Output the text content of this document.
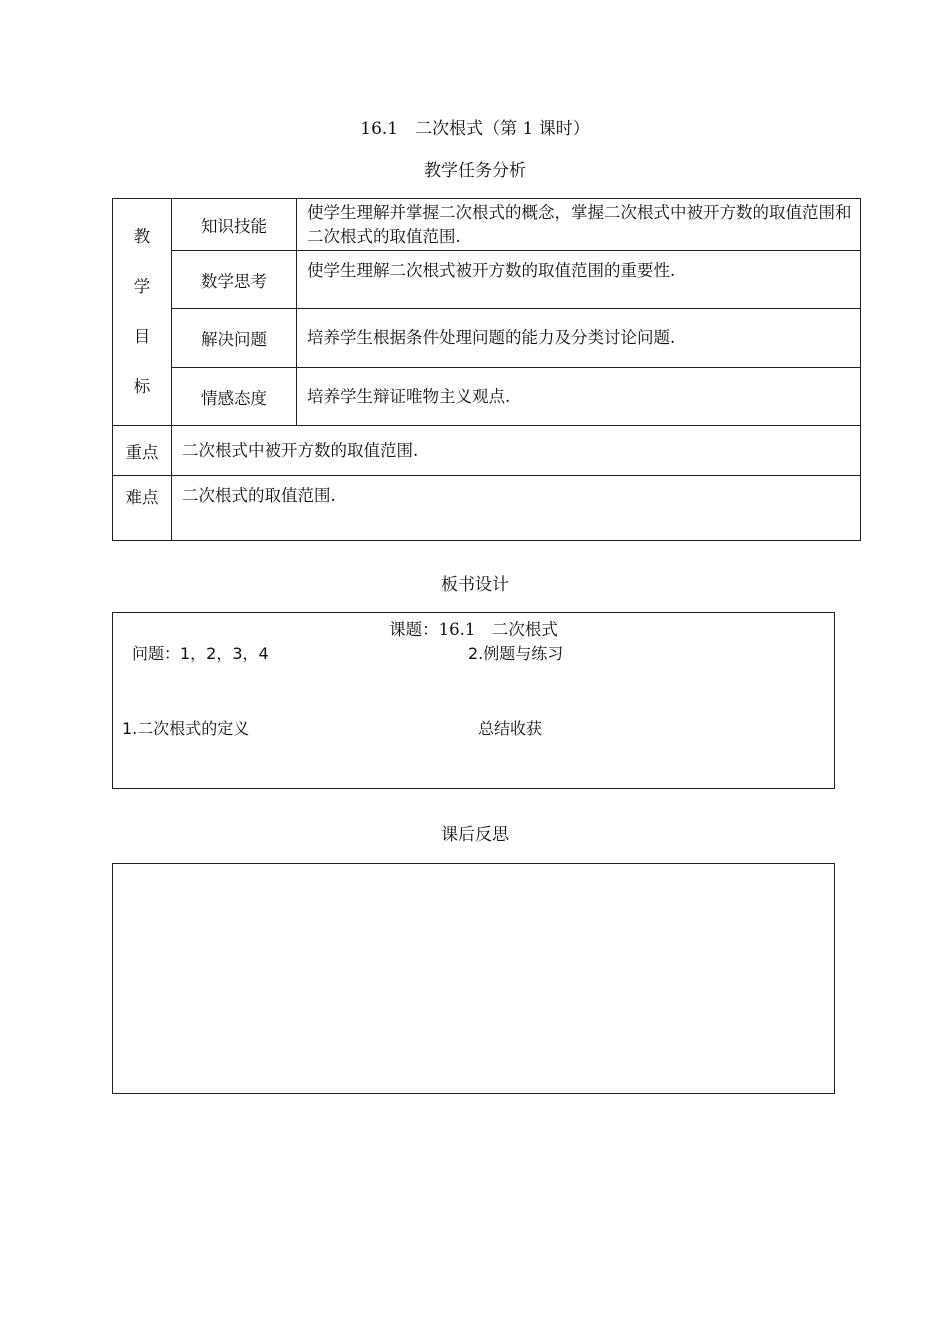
16.1　二次根式（第 1 课时）
教学任务分析
教
学
目
标	知识技能	使学生理解并掌握二次根式的概念，掌握二次根式中被开方数的取值范围和二次根式的取值范围.
	数学思考	使学生理解二次根式被开方数的取值范围的重要性.
	解决问题	培养学生根据条件处理问题的能力及分类讨论问题.
	情感态度	培养学生辩证唯物主义观点.
重点	二次根式中被开方数的取值范围.	
难点	二次根式的取值范围.	
板书设计
课题：16.1　二次根式
问题：1，2，3，4	2.例题与练习
1.二次根式的定义	总结收获
课后反思
